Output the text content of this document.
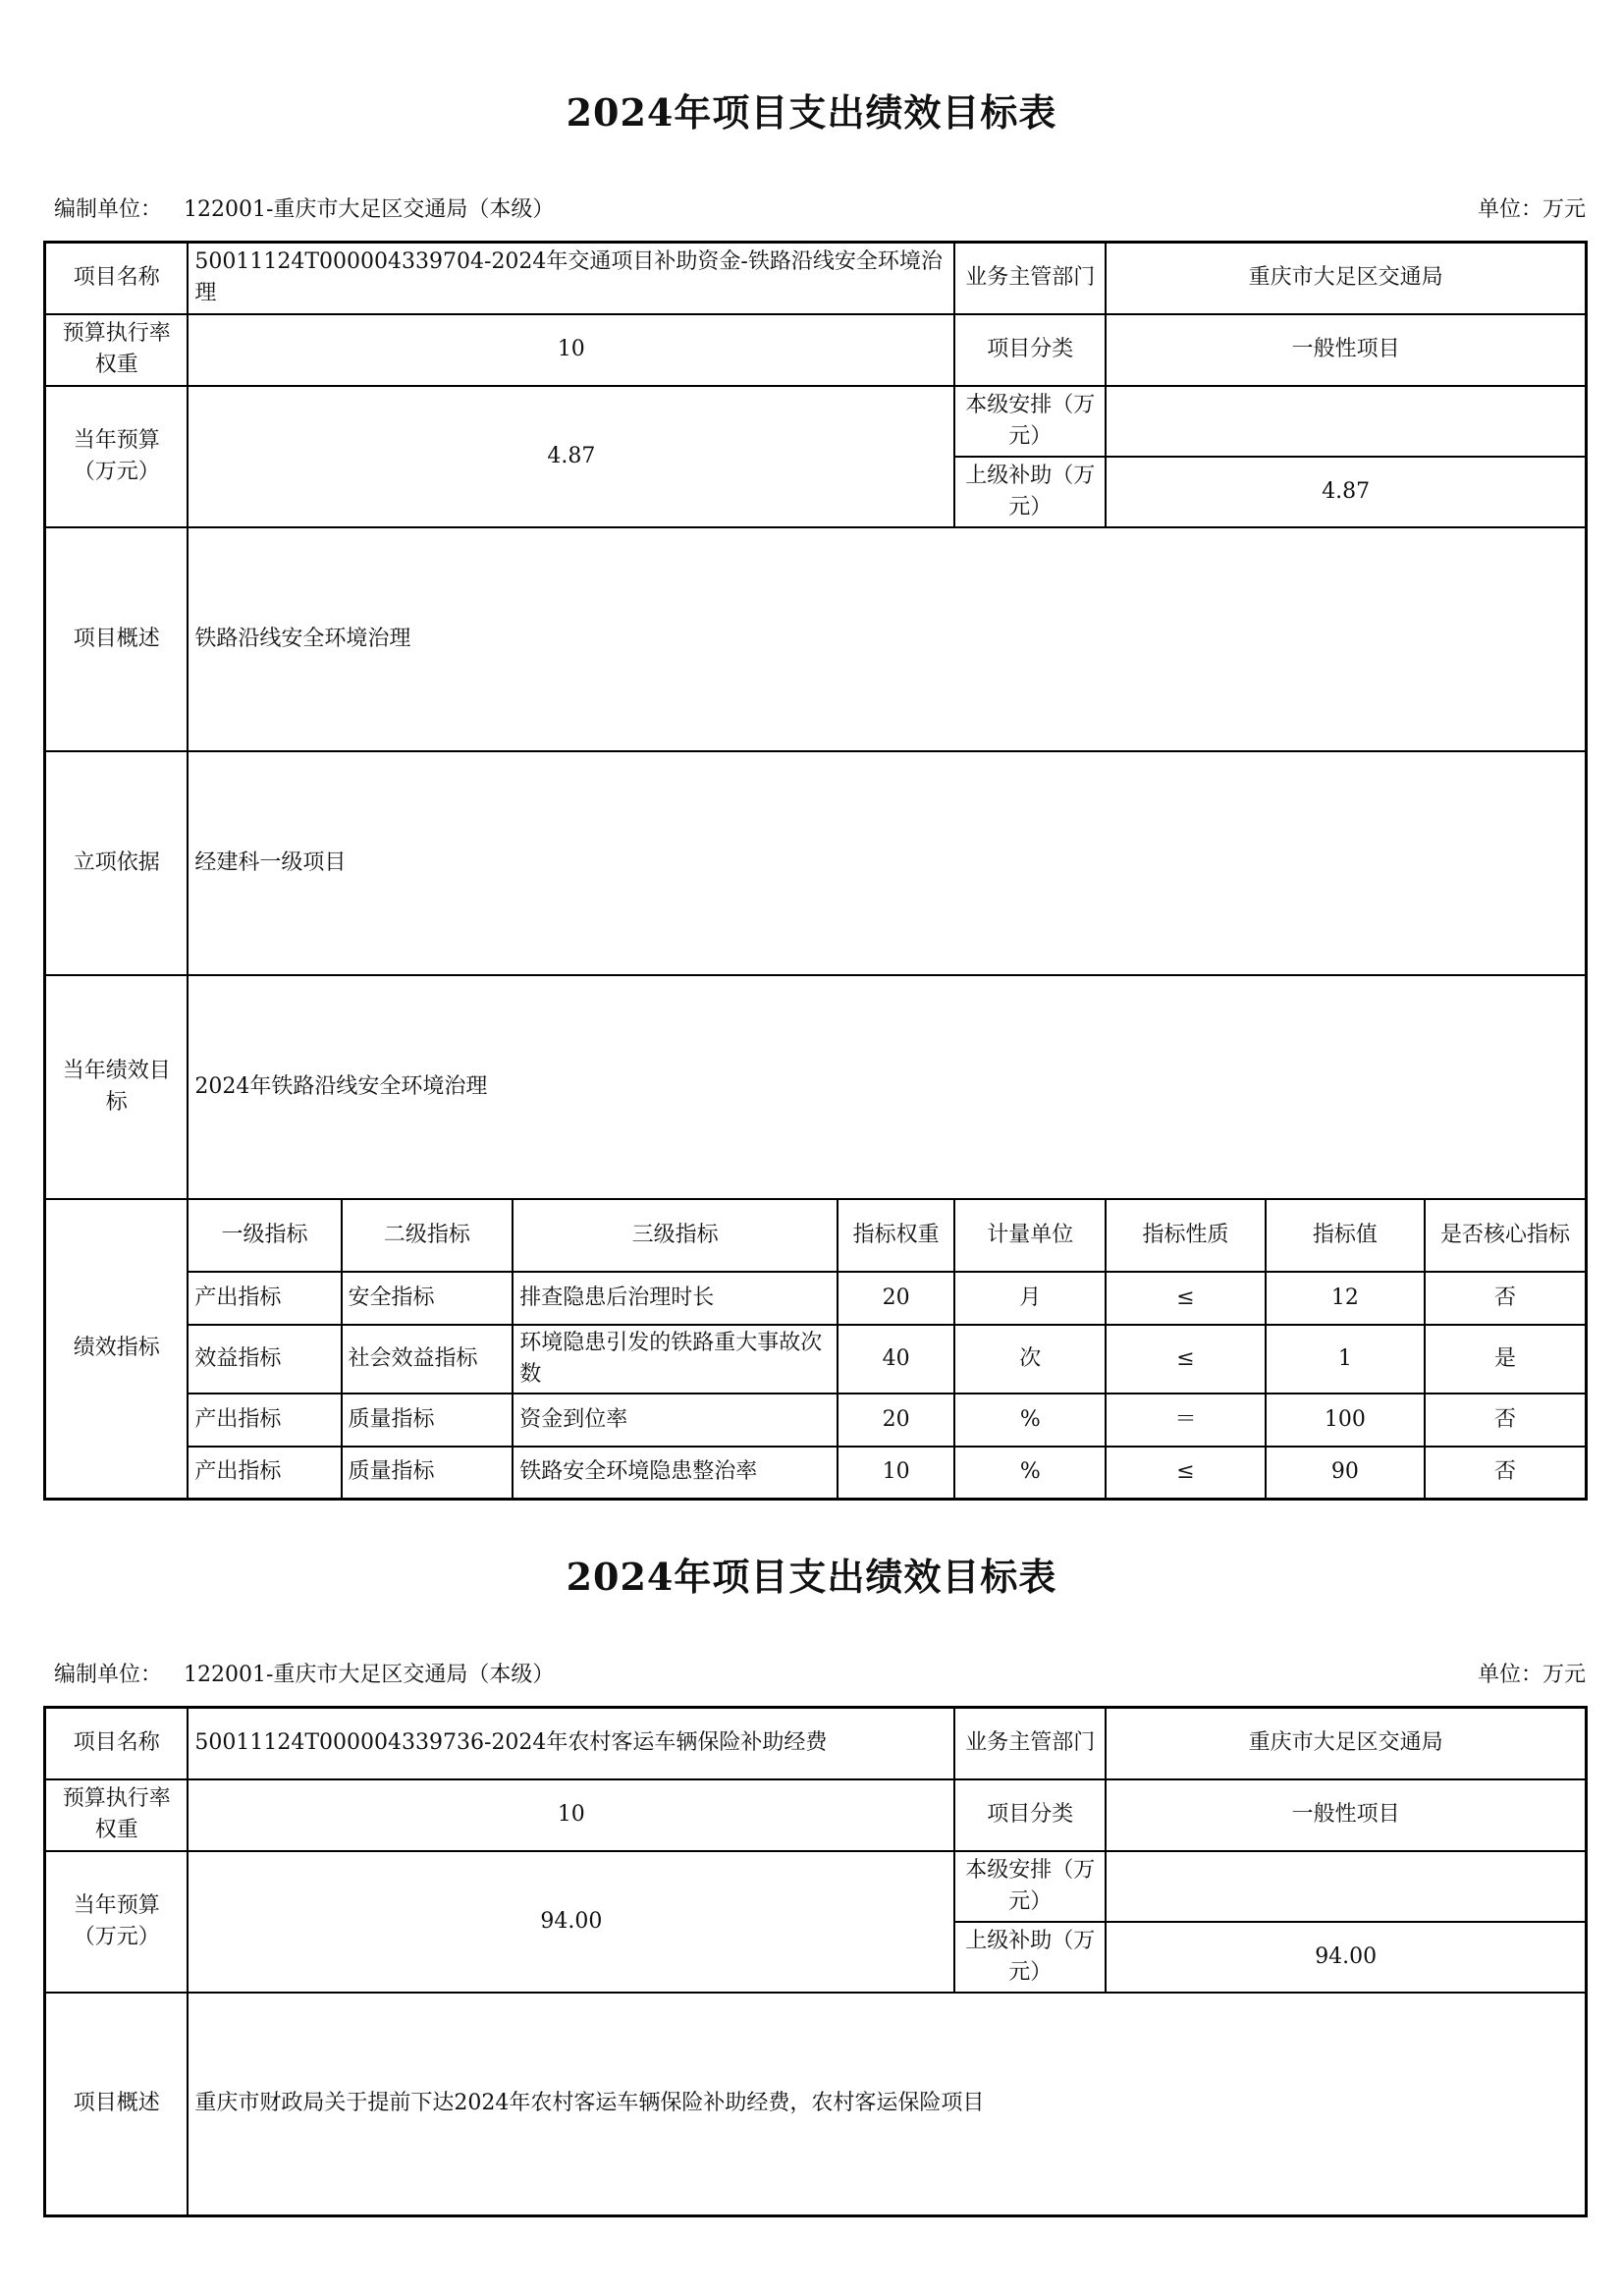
2024年项目支出绩效目标表
编制单位： 122001-重庆市大足区交通局（本级）	单位：万元
项目名称	50011124T000004339704-2024年交通项目补助资金-铁路沿线安全环境治理				业务主管部门	重庆市大足区交通局		
预算执行率权重	10				项目分类	一般性项目		
当年预算（万元）	4.87				本级安排（万元）			
					上级补助（万元）	4.87		
项目概述	铁路沿线安全环境治理							
立项依据	经建科一级项目							
当年绩效目标	2024年铁路沿线安全环境治理							
绩效指标	一级指标	二级指标	三级指标	指标权重	计量单位	指标性质	指标值	是否核心指标
	产出指标	安全指标	排查隐患后治理时长	20	月	≤	12	否
	效益指标	社会效益指标	环境隐患引发的铁路重大事故次数	40	次	≤	1	是
	产出指标	质量指标	资金到位率	20	%	＝	100	否
	产出指标	质量指标	铁路安全环境隐患整治率	10	%	≤	90	否
2024年项目支出绩效目标表
编制单位： 122001-重庆市大足区交通局（本级）	单位：万元
项目名称	50011124T000004339736-2024年农村客运车辆保险补助经费	业务主管部门	重庆市大足区交通局
预算执行率权重	10	项目分类	一般性项目
当年预算（万元）	94.00	本级安排（万元）	
		上级补助（万元）	94.00
项目概述	重庆市财政局关于提前下达2024年农村客运车辆保险补助经费，农村客运保险项目		
